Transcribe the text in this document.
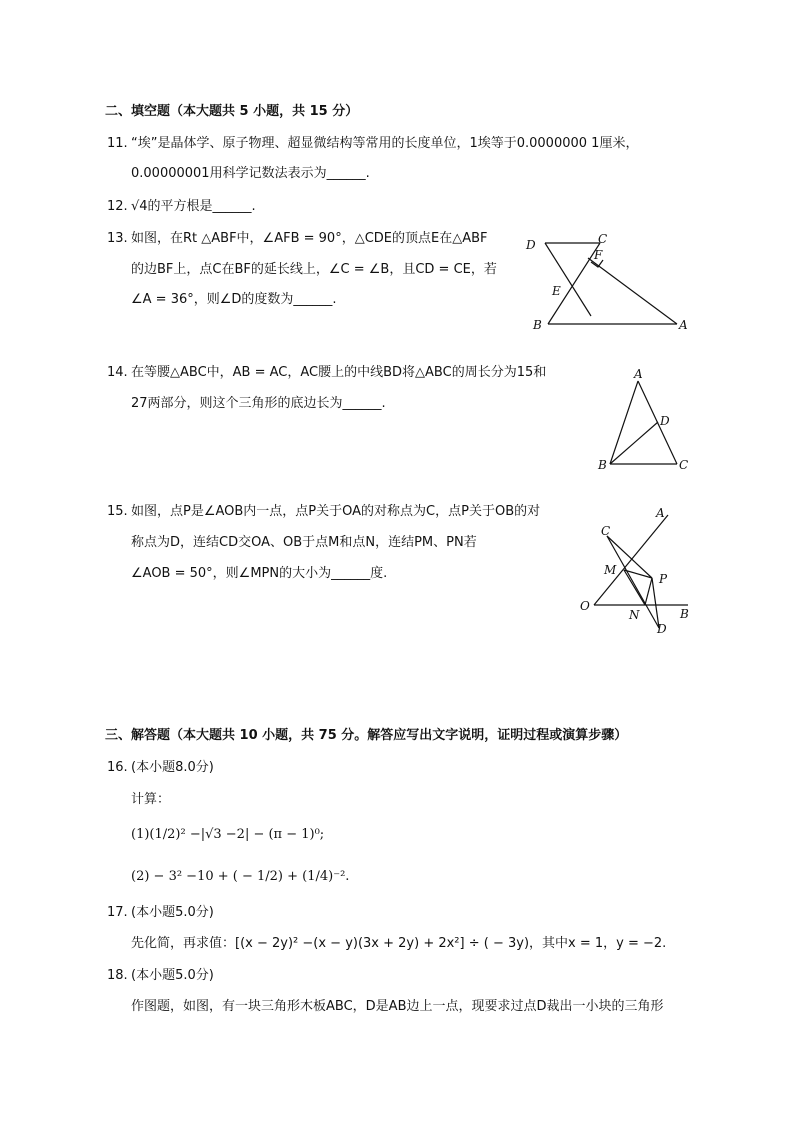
二、填空题（本大题共 5 小题，共 15 分）
11. “埃”是晶体学、原子物理、超显微结构等常用的长度单位，1埃等于0.0000000 1厘米，
0.00000001用科学记数法表示为______.
12. √4的平方根是______.
13. 如图，在Rt △ABF中，∠AFB = 90°，△CDE的顶点E在△ABF
的边BF上，点C在BF的延长线上，∠C = ∠B，且CD = CE，若
∠A = 36°，则∠D的度数为______.
D	C
F
E
B	A
14. 在等腰△ABC中，AB = AC，AC腰上的中线BD将△ABC的周长分为15和
27两部分，则这个三角形的底边长为______.
A
D
B	C
15. 如图，点P是∠AOB内一点，点P关于OA的对称点为C，点P关于OB的对
称点为D，连结CD交OA、OB于点M和点N，连结PM、PN若
∠AOB = 50°，则∠MPN的大小为______度.
A
C
M
P
O
N	B
D
三、解答题（本大题共 10 小题，共 75 分。解答应写出文字说明，证明过程或演算步骤）
16. (本小题8.0分)
计算：
(1)(1/2)² −|√3 −2| − (π − 1)⁰;
(2) − 3² −10 + ( − 1/2) + (1/4)⁻².
17. (本小题5.0分)
先化简，再求值：[(x − 2y)² −(x − y)(3x + 2y) + 2x²] ÷ ( − 3y)，其中x = 1，y = −2.
18. (本小题5.0分)
作图题，如图，有一块三角形木板ABC，D是AB边上一点，现要求过点D裁出一小块的三角形
